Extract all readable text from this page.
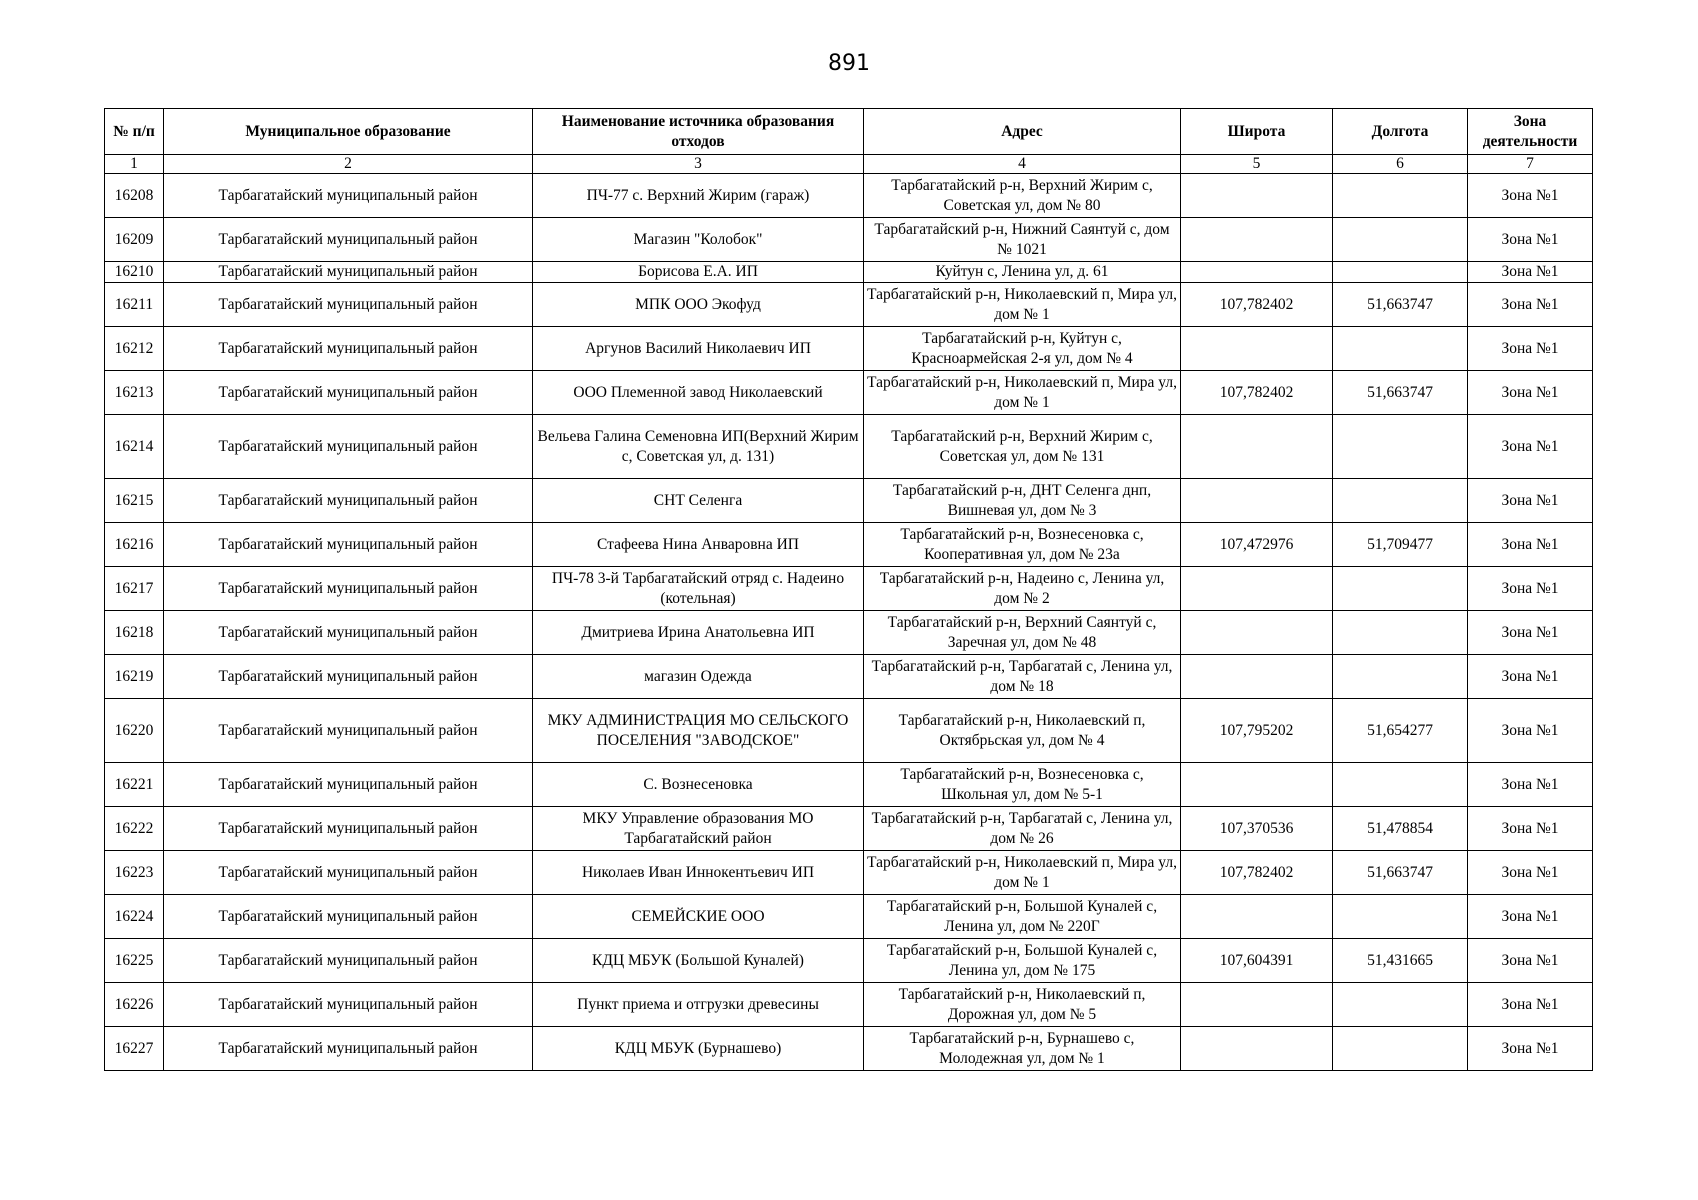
891
№ п/п	Муниципальное образование	Наименование источника образования отходов	Адрес	Широта	Долгота	Зона деятельности
1	2	3	4	5	6	7
16208	Тарбагатайский муниципальный район	ПЧ-77 с. Верхний Жирим (гараж)	Тарбагатайский р-н, Верхний Жирим с, Советская ул, дом № 80			Зона №1
16209	Тарбагатайский муниципальный район	Магазин "Колобок"	Тарбагатайский р-н, Нижний Саянтуй с, дом № 1021			Зона №1
16210	Тарбагатайский муниципальный район	Борисова Е.А. ИП	Куйтун с, Ленина ул, д. 61			Зона №1
16211	Тарбагатайский муниципальный район	МПК ООО Экофуд	Тарбагатайский р-н, Николаевский п, Мира ул, дом № 1	107,782402	51,663747	Зона №1
16212	Тарбагатайский муниципальный район	Аргунов Василий Николаевич ИП	Тарбагатайский р-н, Куйтун с, Красноармейская 2-я ул, дом № 4			Зона №1
16213	Тарбагатайский муниципальный район	ООО Племенной завод Николаевский	Тарбагатайский р-н, Николаевский п, Мира ул, дом № 1	107,782402	51,663747	Зона №1
16214	Тарбагатайский муниципальный район	Вельева Галина Семеновна ИП(Верхний Жирим с, Советская ул, д. 131)	Тарбагатайский р-н, Верхний Жирим с, Советская ул, дом № 131			Зона №1
16215	Тарбагатайский муниципальный район	СНТ Селенга	Тарбагатайский р-н, ДНТ Селенга днп, Вишневая ул, дом № 3			Зона №1
16216	Тарбагатайский муниципальный район	Стафеева Нина Анваровна ИП	Тарбагатайский р-н, Вознесеновка с, Кооперативная ул, дом № 23а	107,472976	51,709477	Зона №1
16217	Тарбагатайский муниципальный район	ПЧ-78 3-й Тарбагатайский отряд с. Надеино (котельная)	Тарбагатайский р-н, Надеино с, Ленина ул, дом № 2			Зона №1
16218	Тарбагатайский муниципальный район	Дмитриева Ирина Анатольевна ИП	Тарбагатайский р-н, Верхний Саянтуй с, Заречная ул, дом № 48			Зона №1
16219	Тарбагатайский муниципальный район	магазин Одежда	Тарбагатайский р-н, Тарбагатай с, Ленина ул, дом № 18			Зона №1
16220	Тарбагатайский муниципальный район	МКУ АДМИНИСТРАЦИЯ МО СЕЛЬСКОГО ПОСЕЛЕНИЯ "ЗАВОДСКОЕ"	Тарбагатайский р-н, Николаевский п, Октябрьская ул, дом № 4	107,795202	51,654277	Зона №1
16221	Тарбагатайский муниципальный район	С. Вознесеновка	Тарбагатайский р-н, Вознесеновка с, Школьная ул, дом № 5-1			Зона №1
16222	Тарбагатайский муниципальный район	МКУ Управление образования МО Тарбагатайский район	Тарбагатайский р-н, Тарбагатай с, Ленина ул, дом № 26	107,370536	51,478854	Зона №1
16223	Тарбагатайский муниципальный район	Николаев Иван Иннокентьевич ИП	Тарбагатайский р-н, Николаевский п, Мира ул, дом № 1	107,782402	51,663747	Зона №1
16224	Тарбагатайский муниципальный район	СЕМЕЙСКИЕ ООО	Тарбагатайский р-н, Большой Куналей с, Ленина ул, дом № 220Г			Зона №1
16225	Тарбагатайский муниципальный район	КДЦ МБУК (Большой Куналей)	Тарбагатайский р-н, Большой Куналей с, Ленина ул, дом № 175	107,604391	51,431665	Зона №1
16226	Тарбагатайский муниципальный район	Пункт приема и отгрузки древесины	Тарбагатайский р-н, Николаевский п, Дорожная ул, дом № 5			Зона №1
16227	Тарбагатайский муниципальный район	КДЦ МБУК (Бурнашево)	Тарбагатайский р-н, Бурнашево с, Молодежная ул, дом № 1			Зона №1
